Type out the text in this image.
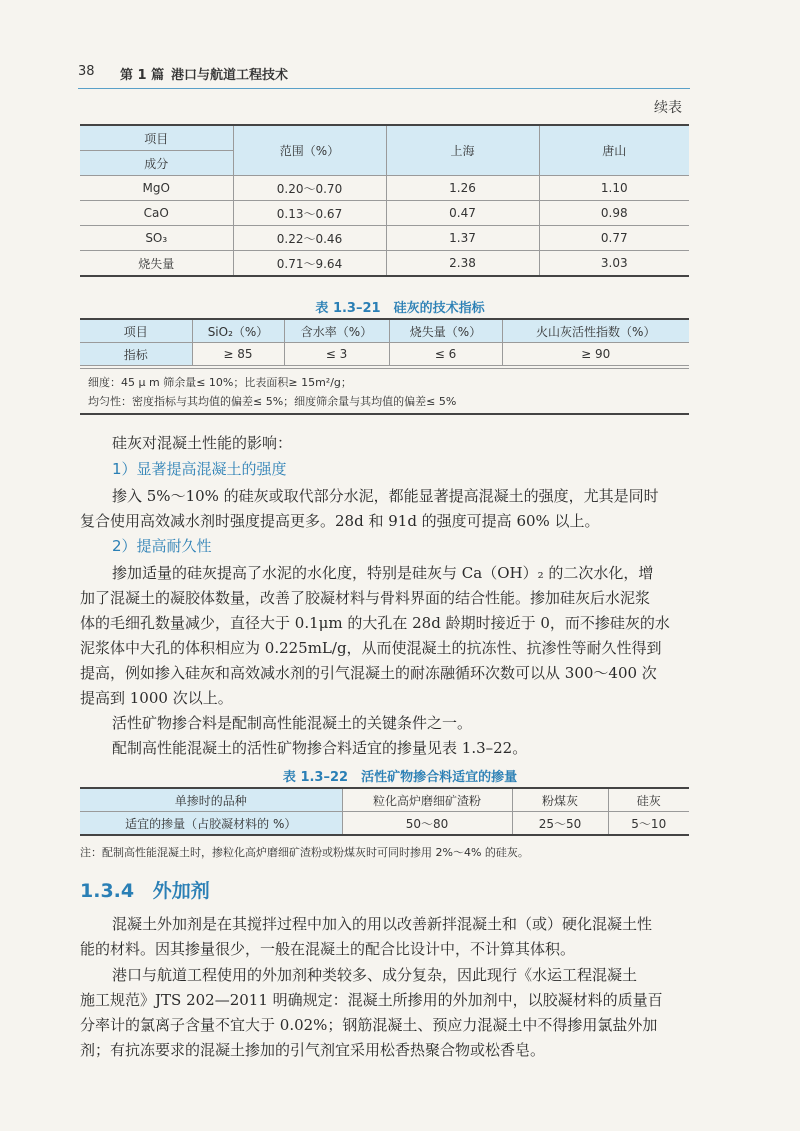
38 第 1 篇 港口与航道工程技术
续表
项目	范围（%）	上海	唐山
成分			
MgO	0.20～0.70	1.26	1.10
CaO	0.13～0.67	0.47	0.98
SO₃	0.22～0.46	1.37	0.77
烧失量	0.71～9.64	2.38	3.03
表 1.3–21　硅灰的技术指标
项目	SiO₂（%）	含水率（%）	烧失量（%）	火山灰活性指数（%）
指标	≥ 85	≤ 3	≤ 6	≥ 90
细度：45 μ m 筛余量≤ 10%；比表面积≥ 15m²/g；
均匀性：密度指标与其均值的偏差≤ 5%；细度筛余量与其均值的偏差≤ 5%
硅灰对混凝土性能的影响：
1）显著提高混凝土的强度
掺入 5%～10% 的硅灰或取代部分水泥，都能显著提高混凝土的强度，尤其是同时
复合使用高效减水剂时强度提高更多。28d 和 91d 的强度可提高 60% 以上。
2）提高耐久性
掺加适量的硅灰提高了水泥的水化度，特别是硅灰与 Ca（OH）₂ 的二次水化，增
加了混凝土的凝胶体数量，改善了胶凝材料与骨料界面的结合性能。掺加硅灰后水泥浆
体的毛细孔数量减少，直径大于 0.1μm 的大孔在 28d 龄期时接近于 0，而不掺硅灰的水
泥浆体中大孔的体积相应为 0.225mL/g，从而使混凝土的抗冻性、抗渗性等耐久性得到
提高，例如掺入硅灰和高效减水剂的引气混凝土的耐冻融循环次数可以从 300～400 次
提高到 1000 次以上。
活性矿物掺合料是配制高性能混凝土的关键条件之一。
配制高性能混凝土的活性矿物掺合料适宜的掺量见表 1.3–22。
表 1.3–22　活性矿物掺合料适宜的掺量
单掺时的品种	粒化高炉磨细矿渣粉	粉煤灰	硅灰
适宜的掺量（占胶凝材料的 %）	50～80	25～50	5～10
注：配制高性能混凝土时，掺粒化高炉磨细矿渣粉或粉煤灰时可同时掺用 2%～4% 的硅灰。
1.3.4 外加剂
混凝土外加剂是在其搅拌过程中加入的用以改善新拌混凝土和（或）硬化混凝土性
能的材料。因其掺量很少，一般在混凝土的配合比设计中，不计算其体积。
港口与航道工程使用的外加剂种类较多、成分复杂，因此现行《水运工程混凝土
施工规范》JTS 202—2011 明确规定：混凝土所掺用的外加剂中，以胶凝材料的质量百
分率计的氯离子含量不宜大于 0.02%；钢筋混凝土、预应力混凝土中不得掺用氯盐外加
剂；有抗冻要求的混凝土掺加的引气剂宜采用松香热聚合物或松香皂。
